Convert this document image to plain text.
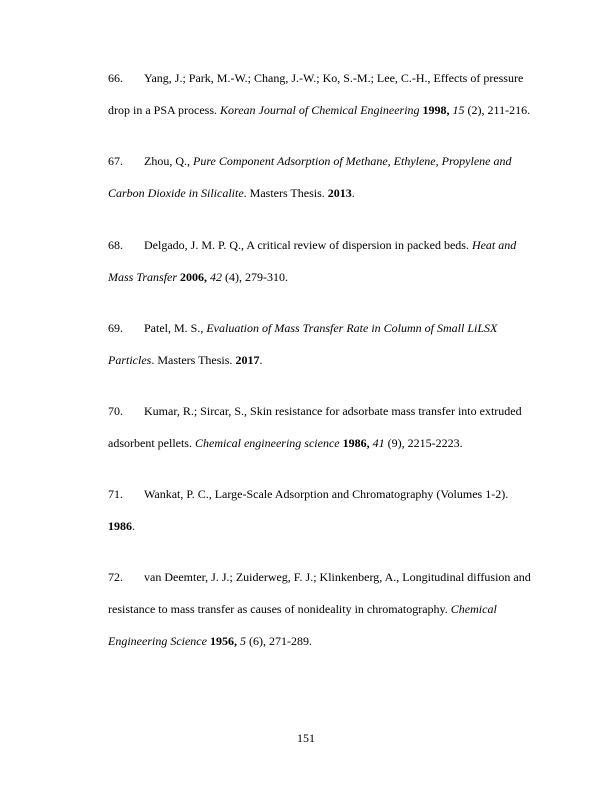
66. Yang, J.; Park, M.-W.; Chang, J.-W.; Ko, S.-M.; Lee, C.-H., Effects of pressure
drop in a PSA process. Korean Journal of Chemical Engineering 1998, 15 (2), 211-216.
67. Zhou, Q., Pure Component Adsorption of Methane, Ethylene, Propylene and
Carbon Dioxide in Silicalite. Masters Thesis. 2013.
68. Delgado, J. M. P. Q., A critical review of dispersion in packed beds. Heat and
Mass Transfer 2006, 42 (4), 279-310.
69. Patel, M. S., Evaluation of Mass Transfer Rate in Column of Small LiLSX
Particles. Masters Thesis. 2017.
70. Kumar, R.; Sircar, S., Skin resistance for adsorbate mass transfer into extruded
adsorbent pellets. Chemical engineering science 1986, 41 (9), 2215-2223.
71. Wankat, P. C., Large-Scale Adsorption and Chromatography (Volumes 1-2).
1986.
72. van Deemter, J. J.; Zuiderweg, F. J.; Klinkenberg, A., Longitudinal diffusion and
resistance to mass transfer as causes of nonideality in chromatography. Chemical
Engineering Science 1956, 5 (6), 271-289.
151
